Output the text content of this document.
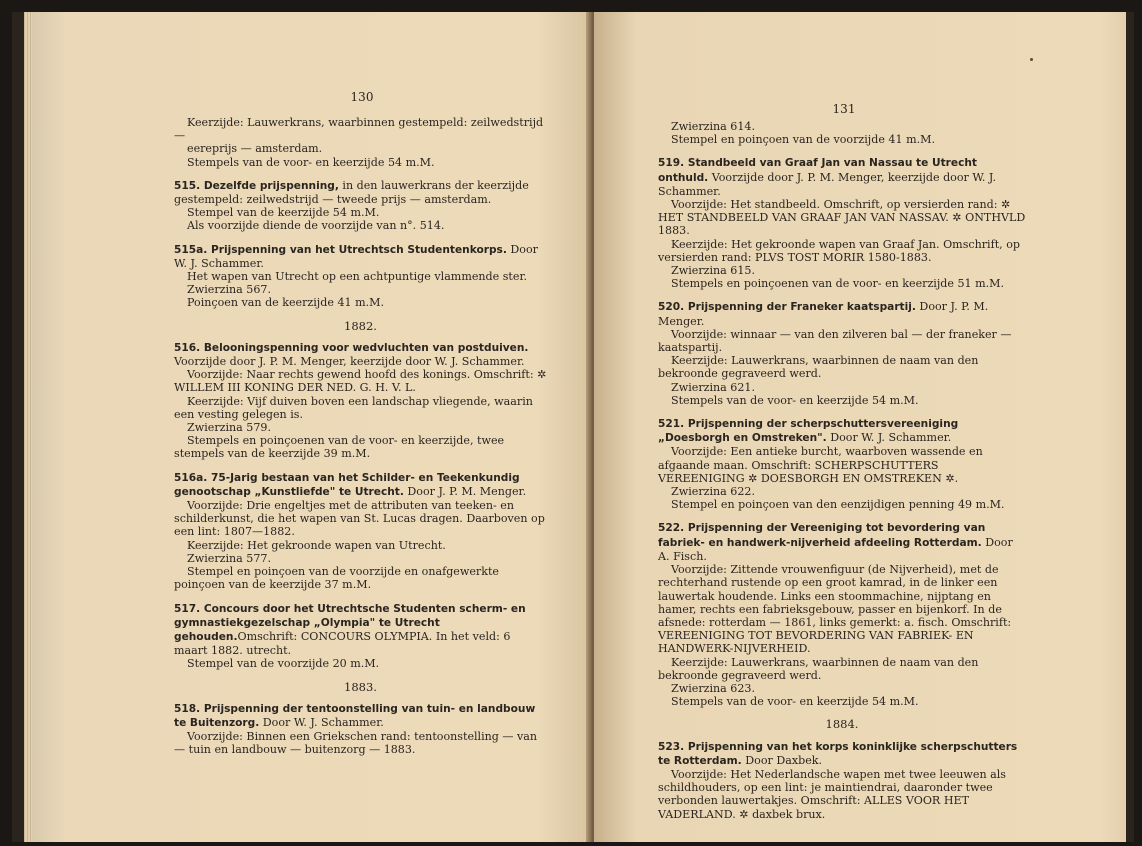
130

Keerzijde: Lauwerkrans, waarbinnen gestempeld: zeilwedstrijd —

eereprijs — amsterdam.

Stempels van de voor- en keerzijde 54 m.M.

515. Dezelfde prijspenning, in den lauwerkrans der keerzijde gestempeld: zeilwedstrijd — tweede prijs — amsterdam.

Stempel van de keerzijde 54 m.M.

Als voorzijde diende de voorzijde van n°. 514.

515a. Prijspenning van het Utrechtsch Studentenkorps. Door W. J. Schammer.

Het wapen van Utrecht op een achtpuntige vlammende ster.

Zwierzina 567.

Poinçoen van de keerzijde 41 m.M.

1882.

516. Belooningspenning voor wedvluchten van postduiven. Voorzijde door J. P. M. Menger, keerzijde door W. J. Schammer.

Voorzijde: Naar rechts gewend hoofd des konings. Omschrift: ✲ WILLEM III KONING DER NED. G. H. V. L.

Keerzijde: Vijf duiven boven een landschap vliegende, waarin een vesting gelegen is.

Zwierzina 579.

Stempels en poinçoenen van de voor- en keerzijde, twee stempels van de keerzijde 39 m.M.

516a. 75-Jarig bestaan van het Schilder- en Teekenkundig genootschap „Kunstliefde" te Utrecht. Door J. P. M. Menger.

Voorzijde: Drie engeltjes met de attributen van teeken- en schilderkunst, die het wapen van St. Lucas dragen. Daarboven op een lint: 1807—1882.

Keerzijde: Het gekroonde wapen van Utrecht.

Zwierzina 577.

Stempel en poinçoen van de voorzijde en onafgewerkte poinçoen van de keerzijde 37 m.M.

517. Concours door het Utrechtsche Studenten scherm- en gymnastiekgezelschap „Olympia" te Utrecht gehouden.Omschrift: CONCOURS OLYMPIA. In het veld: 6 maart 1882. utrecht.

Stempel van de voorzijde 20 m.M.

1883.

518. Prijspenning der tentoonstelling van tuin- en landbouw te Buitenzorg. Door W. J. Schammer.

Voorzijde: Binnen een Griekschen rand: tentoonstelling — van — tuin en landbouw — buitenzorg — 1883.

131

Zwierzina 614.

Stempel en poinçoen van de voorzijde 41 m.M.

519. Standbeeld van Graaf Jan van Nassau te Utrecht onthuld. Voorzijde door J. P. M. Menger, keerzijde door W. J. Schammer.

Voorzijde: Het standbeeld. Omschrift, op versierden rand: ✲ HET STANDBEELD VAN GRAAF JAN VAN NASSAV. ✲ ONTHVLD 1883.

Keerzijde: Het gekroonde wapen van Graaf Jan. Omschrift, op versierden rand: PLVS TOST MORIR 1580-1883.

Zwierzina 615.

Stempels en poinçoenen van de voor- en keerzijde 51 m.M.

520. Prijspenning der Franeker kaatspartij. Door J. P. M. Menger.

Voorzijde: winnaar — van den zilveren bal — der franeker — kaatspartij.

Keerzijde: Lauwerkrans, waarbinnen de naam van den bekroonde gegraveerd werd.

Zwierzina 621.

Stempels van de voor- en keerzijde 54 m.M.

521. Prijspenning der scherpschuttersvereeniging „Doesborgh en Omstreken". Door W. J. Schammer.

Voorzijde: Een antieke burcht, waarboven wassende en afgaande maan. Omschrift: SCHERPSCHUTTERS VEREENIGING ✲ DOESBORGH EN OMSTREKEN ✲.

Zwierzina 622.

Stempel en poinçoen van den eenzijdigen penning 49 m.M.

522. Prijspenning der Vereeniging tot bevordering van fabriek- en handwerk-nijverheid afdeeling Rotterdam. Door A. Fisch.

Voorzijde: Zittende vrouwenfiguur (de Nijverheid), met de rechterhand rustende op een groot kamrad, in de linker een lauwertak houdende. Links een stoommachine, nijptang en hamer, rechts een fabrieksgebouw, passer en bijenkorf. In de afsnede: rotterdam — 1861, links gemerkt: a. fisch. Omschrift: VEREENIGING TOT BEVORDERING VAN FABRIEK- EN HANDWERK-NIJVERHEID.

Keerzijde: Lauwerkrans, waarbinnen de naam van den bekroonde gegraveerd werd.

Zwierzina 623.

Stempels van de voor- en keerzijde 54 m.M.

1884.

523. Prijspenning van het korps koninklijke scherpschutters te Rotterdam. Door Daxbek.

Voorzijde: Het Nederlandsche wapen met twee leeuwen als schildhouders, op een lint: je maintiendrai, daaronder twee verbonden lauwertakjes. Omschrift: ALLES VOOR HET VADERLAND. ✲ daxbek brux.
